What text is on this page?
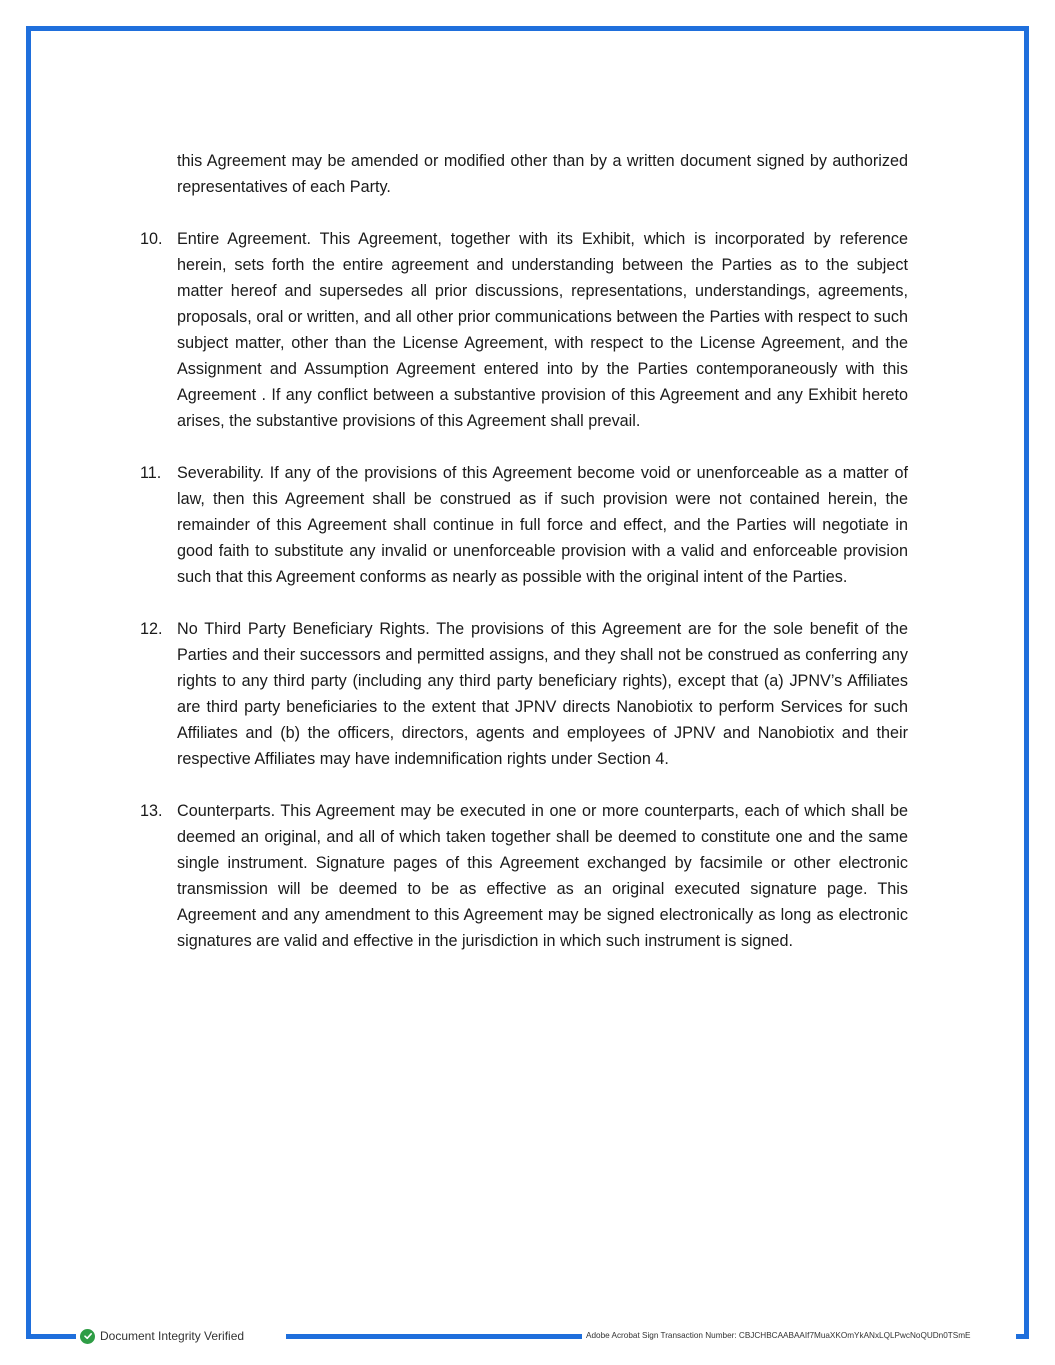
this Agreement may be amended or modified other than by a written document signed by authorized representatives of each Party.

10. Entire Agreement. This Agreement, together with its Exhibit, which is incorporated by reference herein, sets forth the entire agreement and understanding between the Parties as to the subject matter hereof and supersedes all prior discussions, representations, understandings, agreements, proposals, oral or written, and all other prior communications between the Parties with respect to such subject matter, other than the License Agreement, with respect to the License Agreement, and the Assignment and Assumption Agreement entered into by the Parties contemporaneously with this Agreement . If any conflict between a substantive provision of this Agreement and any Exhibit hereto arises, the substantive provisions of this Agreement shall prevail.

11. Severability. If any of the provisions of this Agreement become void or unenforceable as a matter of law, then this Agreement shall be construed as if such provision were not contained herein, the remainder of this Agreement shall continue in full force and effect, and the Parties will negotiate in good faith to substitute any invalid or unenforceable provision with a valid and enforceable provision such that this Agreement conforms as nearly as possible with the original intent of the Parties.

12. No Third Party Beneficiary Rights. The provisions of this Agreement are for the sole benefit of the Parties and their successors and permitted assigns, and they shall not be construed as conferring any rights to any third party (including any third party beneficiary rights), except that (a) JPNV’s Affiliates are third party beneficiaries to the extent that JPNV directs Nanobiotix to perform Services for such Affiliates and (b) the officers, directors, agents and employees of JPNV and Nanobiotix and their respective Affiliates may have indemnification rights under Section 4.

13. Counterparts. This Agreement may be executed in one or more counterparts, each of which shall be deemed an original, and all of which taken together shall be deemed to constitute one and the same single instrument. Signature pages of this Agreement exchanged by facsimile or other electronic transmission will be deemed to be as effective as an original executed signature page. This Agreement and any amendment to this Agreement may be signed electronically as long as electronic signatures are valid and effective in the jurisdiction in which such instrument is signed.

Document Integrity Verified	Adobe Acrobat Sign Transaction Number: CBJCHBCAABAAIf7MuaXKOmYkANxLQLPwcNoQUDn0TSmE
